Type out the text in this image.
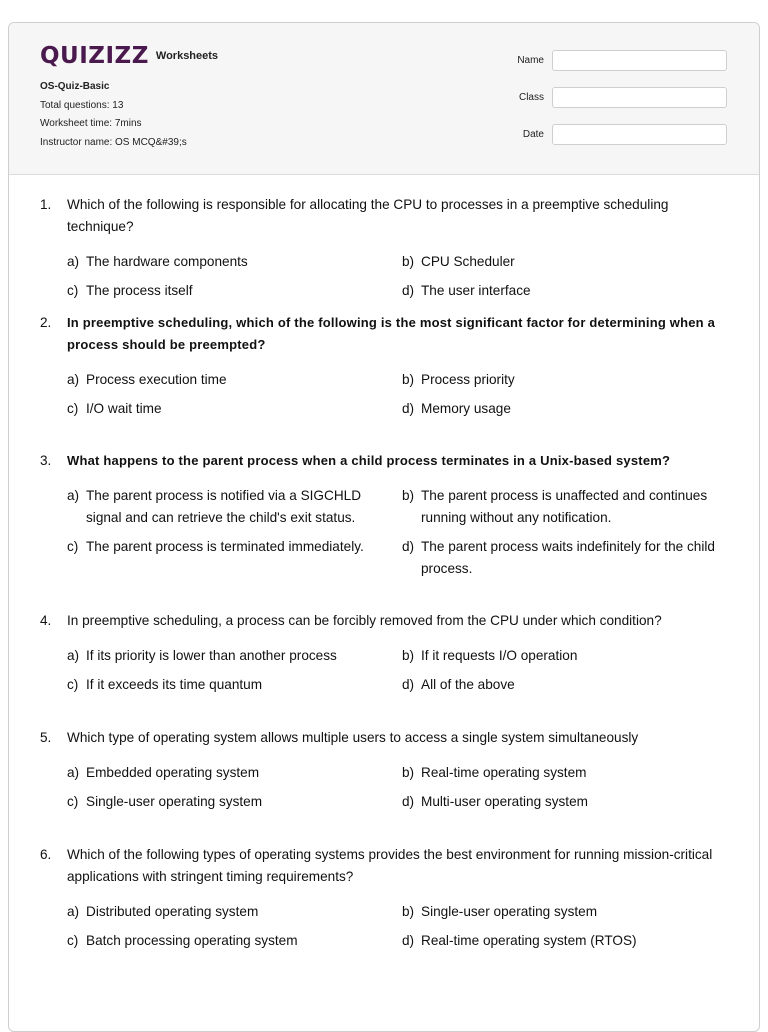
QUIZIZZ Worksheets
OS-Quiz-Basic
Total questions: 13
Worksheet time: 7mins
Instructor name: OS MCQ&#39;s
Name
Class
Date
1.	Which of the following is responsible for allocating the CPU to processes in a preemptive scheduling technique?
a) The hardware components	b) CPU Scheduler
c) The process itself	d) The user interface
2.	In preemptive scheduling, which of the following is the most significant factor for determining when a process should be preempted?
a) Process execution time	b) Process priority
c) I/O wait time	d) Memory usage
3.	What happens to the parent process when a child process terminates in a Unix-based system?
a) The parent process is notified via a SIGCHLD signal and can retrieve the child's exit status.
b) The parent process is unaffected and continues running without any notification.
c) The parent process is terminated immediately.	d) The parent process waits indefinitely for the child process.
4.	In preemptive scheduling, a process can be forcibly removed from the CPU under which condition?
a) If its priority is lower than another process	b) If it requests I/O operation
c) If it exceeds its time quantum	d) All of the above
5.	Which type of operating system allows multiple users to access a single system simultaneously
a) Embedded operating system	b) Real-time operating system
c) Single-user operating system	d) Multi-user operating system
6.	Which of the following types of operating systems provides the best environment for running mission-critical applications with stringent timing requirements?
a) Distributed operating system	b) Single-user operating system
c) Batch processing operating system	d) Real-time operating system (RTOS)
